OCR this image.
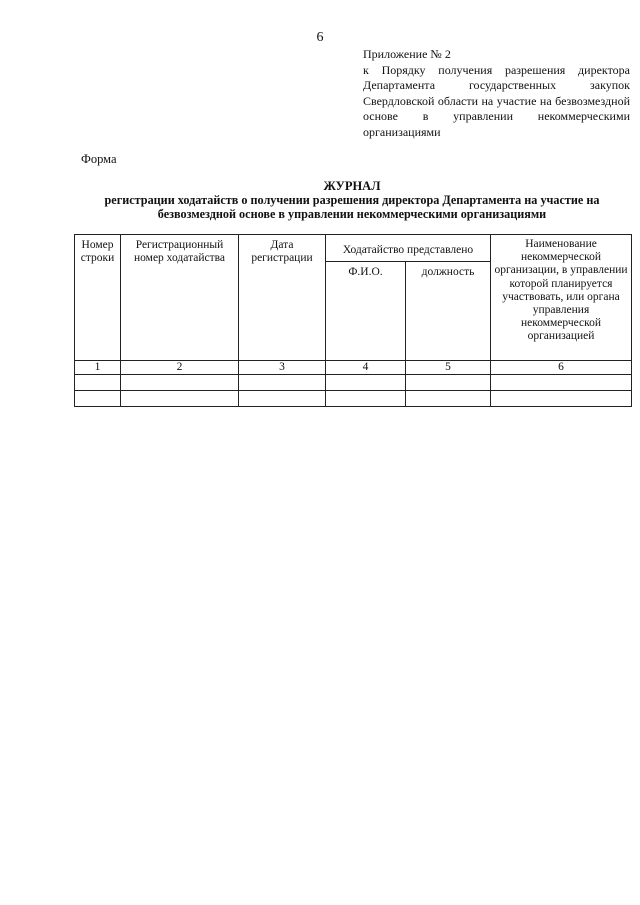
6
Приложение № 2
к Порядку получения разрешения директора Департамента государственных закупок Свердловской области на участие на безвозмездной основе в управлении некоммерческими организациями
Форма
ЖУРНАЛ
регистрации ходатайств о получении разрешения директора Департамента на участие на безвозмездной основе в управлении некоммерческими организациями
Номер строки	Регистрационный номер ходатайства	Дата регистрации	Ходатайство представлено		Наименование некоммерческой организации, в управлении которой планируется участвовать, или органа управления некоммерческой организацией
			Ф.И.О.	должность	
1	2	3	4	5	6
